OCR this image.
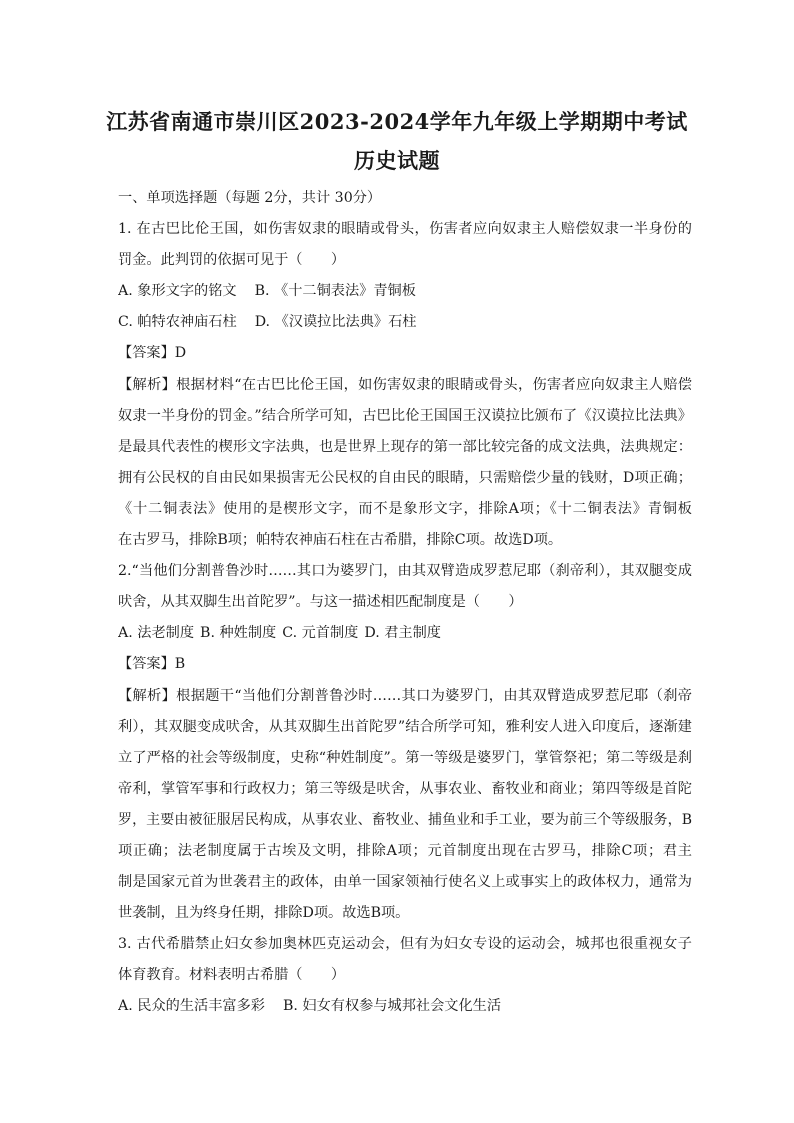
江苏省南通市崇川区2023-2024学年九年级上学期期中考试
历史试题
一、单项选择题（每题 2分，共计 30分）
1. 在古巴比伦王国，如伤害奴隶的眼睛或骨头，伤害者应向奴隶主人赔偿奴隶一半身份的
罚金。此判罚的依据可见于（　　）
A. 象形文字的铭文 B. 《十二铜表法》青铜板
C. 帕特农神庙石柱 D. 《汉谟拉比法典》石柱
【答案】D
【解析】根据材料“在古巴比伦王国，如伤害奴隶的眼睛或骨头，伤害者应向奴隶主人赔偿
奴隶一半身份的罚金。”结合所学可知，古巴比伦王国国王汉谟拉比颁布了《汉谟拉比法典》
是最具代表性的楔形文字法典，也是世界上现存的第一部比较完备的成文法典，法典规定：
拥有公民权的自由民如果损害无公民权的自由民的眼睛，只需赔偿少量的钱财，D项正确；
《十二铜表法》使用的是楔形文字，而不是象形文字，排除A项；《十二铜表法》青铜板
在古罗马，排除B项；帕特农神庙石柱在古希腊，排除C项。故选D项。
2.“当他们分割普鲁沙时……其口为婆罗门，由其双臂造成罗惹尼耶（刹帝利），其双腿变成
吠舍，从其双脚生出首陀罗”。与这一描述相匹配制度是（　　）
A. 法老制度 B. 种姓制度 C. 元首制度 D. 君主制度
【答案】B
【解析】根据题干“当他们分割普鲁沙时……其口为婆罗门，由其双臂造成罗惹尼耶（刹帝
利），其双腿变成吠舍，从其双脚生出首陀罗”结合所学可知，雅利安人进入印度后，逐渐建
立了严格的社会等级制度，史称“种姓制度”。第一等级是婆罗门，掌管祭祀；第二等级是刹
帝利，掌管军事和行政权力；第三等级是吠舍，从事农业、畜牧业和商业；第四等级是首陀
罗，主要由被征服居民构成，从事农业、畜牧业、捕鱼业和手工业，要为前三个等级服务，B
项正确；法老制度属于古埃及文明，排除A项；元首制度出现在古罗马，排除C项；君主
制是国家元首为世袭君主的政体，由单一国家领袖行使名义上或事实上的政体权力，通常为
世袭制，且为终身任期，排除D项。故选B项。
3. 古代希腊禁止妇女参加奥林匹克运动会，但有为妇女专设的运动会，城邦也很重视女子
体育教育。材料表明古希腊（　　）
A. 民众的生活丰富多彩 B. 妇女有权参与城邦社会文化生活
